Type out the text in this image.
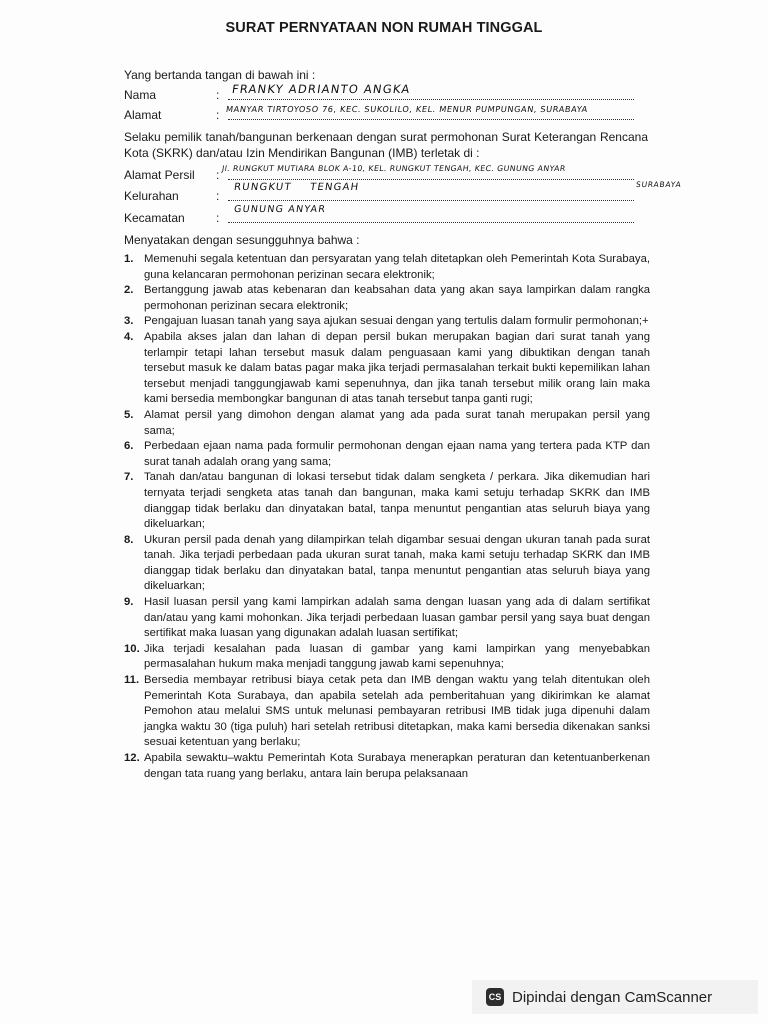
SURAT PERNYATAAN NON RUMAH TINGGAL
Yang bertanda tangan di bawah ini :
Nama	: FRANKY ADRIANTO ANGKA
Alamat	: MANYAR TIRTOYOSO 76, KEC. SUKOLILO, KEL. MENUR PUMPUNGAN, SURABAYA
Selaku pemilik tanah/bangunan berkenaan dengan surat permohonan Surat Keterangan Rencana Kota (SKRK) dan/atau Izin Mendirikan Bangunan (IMB) terletak di :
Alamat Persil : Jl. RUNGKUT MUTIARA BLOK A-10, KEL. RUNGKUT TENGAH, KEC. GUNUNG ANYAR
SURABAYA
Kelurahan	:
RUNGKUT TENGAH
Kecamatan	:
GUNUNG ANYAR
Menyatakan dengan sesungguhnya bahwa :
1. Memenuhi segala ketentuan dan persyaratan yang telah ditetapkan oleh Pemerintah Kota Surabaya, guna kelancaran permohonan perizinan secara elektronik;
2. Bertanggung jawab atas kebenaran dan keabsahan data yang akan saya lampirkan dalam rangka permohonan perizinan secara elektronik;
3. Pengajuan luasan tanah yang saya ajukan sesuai dengan yang tertulis dalam formulir permohonan;+
4. Apabila akses jalan dan lahan di depan persil bukan merupakan bagian dari surat tanah yang terlampir tetapi lahan tersebut masuk dalam penguasaan kami yang dibuktikan dengan tanah tersebut masuk ke dalam batas pagar maka jika terjadi permasalahan terkait bukti kepemilikan lahan tersebut menjadi tanggungjawab kami sepenuhnya, dan jika tanah tersebut milik orang lain maka kami bersedia membongkar bangunan di atas tanah tersebut tanpa ganti rugi;
5. Alamat persil yang dimohon dengan alamat yang ada pada surat tanah merupakan persil yang sama;
6. Perbedaan ejaan nama pada formulir permohonan dengan ejaan nama yang tertera pada KTP dan surat tanah adalah orang yang sama;
7. Tanah dan/atau bangunan di lokasi tersebut tidak dalam sengketa / perkara. Jika dikemudian hari ternyata terjadi sengketa atas tanah dan bangunan, maka kami setuju terhadap SKRK dan IMB dianggap tidak berlaku dan dinyatakan batal, tanpa menuntut pengantian atas seluruh biaya yang dikeluarkan;
8. Ukuran persil pada denah yang dilampirkan telah digambar sesuai dengan ukuran tanah pada surat tanah. Jika terjadi perbedaan pada ukuran surat tanah, maka kami setuju terhadap SKRK dan IMB dianggap tidak berlaku dan dinyatakan batal, tanpa menuntut pengantian atas seluruh biaya yang dikeluarkan;
9. Hasil luasan persil yang kami lampirkan adalah sama dengan luasan yang ada di dalam sertifikat dan/atau yang kami mohonkan. Jika terjadi perbedaan luasan gambar persil yang saya buat dengan sertifikat maka luasan yang digunakan adalah luasan sertifikat;
10. Jika terjadi kesalahan pada luasan di gambar yang kami lampirkan yang menyebabkan permasalahan hukum maka menjadi tanggung jawab kami sepenuhnya;
11. Bersedia membayar retribusi biaya cetak peta dan IMB dengan waktu yang telah ditentukan oleh Pemerintah Kota Surabaya, dan apabila setelah ada pemberitahuan yang dikirimkan ke alamat Pemohon atau melalui SMS untuk melunasi pembayaran retribusi IMB tidak juga dipenuhi dalam jangka waktu 30 (tiga puluh) hari setelah retribusi ditetapkan, maka kami bersedia dikenakan sanksi sesuai ketentuan yang berlaku;
12. Apabila sewaktu–waktu Pemerintah Kota Surabaya menerapkan peraturan dan ketentuanberkenan dengan tata ruang yang berlaku, antara lain berupa pelaksanaan
CS Dipindai dengan CamScanner
